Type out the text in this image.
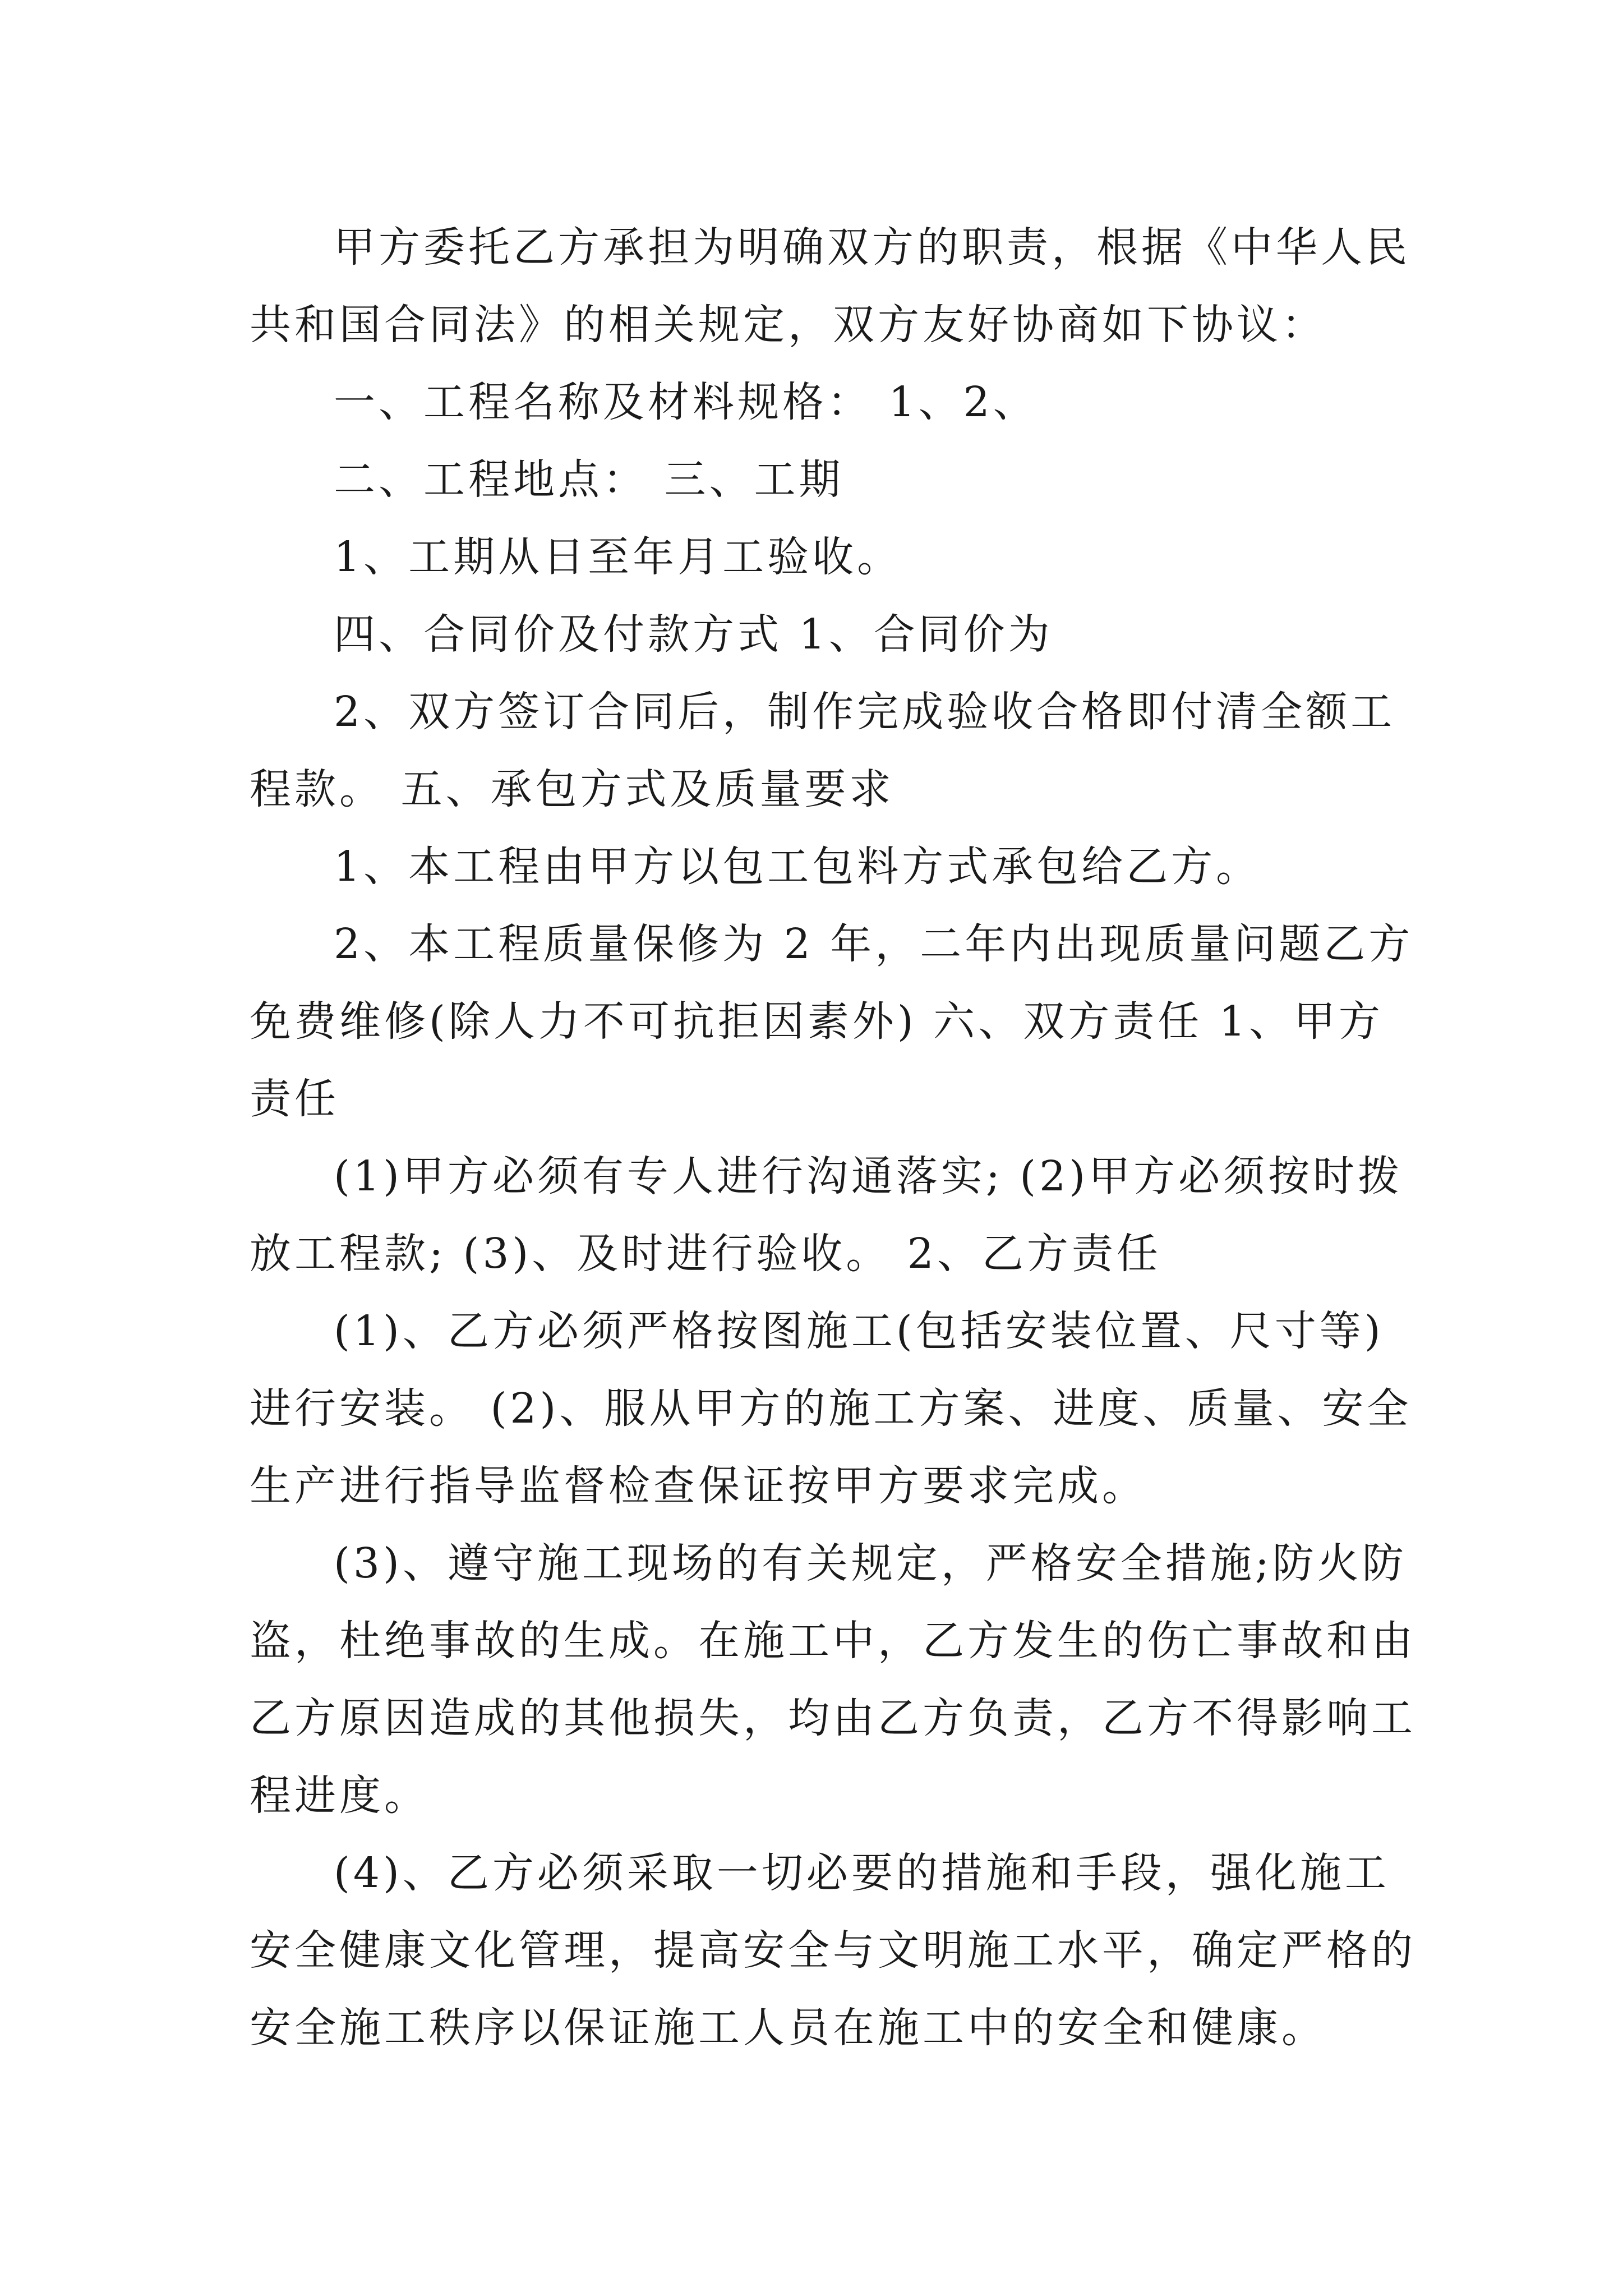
甲方委托乙方承担为明确双方的职责，根据《中华人民
共和国合同法》的相关规定，双方友好协商如下协议：
一、工程名称及材料规格： 1、2、
二、工程地点： 三、工期
1、工期从日至年月工验收。
四、合同价及付款方式 1、合同价为
2、双方签订合同后，制作完成验收合格即付清全额工
程款。 五、承包方式及质量要求
1、本工程由甲方以包工包料方式承包给乙方。
2、本工程质量保修为 2 年，二年内出现质量问题乙方
免费维修(除人力不可抗拒因素外) 六、双方责任 1、甲方
责任
(1)甲方必须有专人进行沟通落实; (2)甲方必须按时拨
放工程款; (3)、及时进行验收。 2、乙方责任
(1)、乙方必须严格按图施工(包括安装位置、尺寸等)
进行安装。 (2)、服从甲方的施工方案、进度、质量、安全
生产进行指导监督检查保证按甲方要求完成。
(3)、遵守施工现场的有关规定，严格安全措施;防火防
盗，杜绝事故的生成。在施工中，乙方发生的伤亡事故和由
乙方原因造成的其他损失，均由乙方负责，乙方不得影响工
程进度。
(4)、乙方必须采取一切必要的措施和手段，强化施工
安全健康文化管理，提高安全与文明施工水平，确定严格的
安全施工秩序以保证施工人员在施工中的安全和健康。
